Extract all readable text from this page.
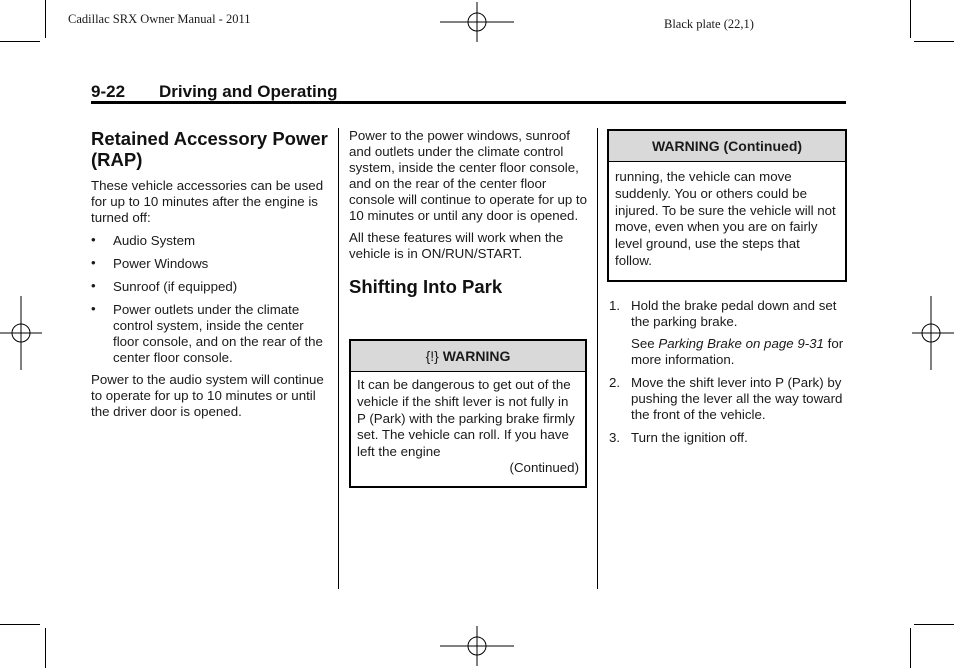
Cadillac SRX Owner Manual - 2011	Black plate (22,1)
9-22 Driving and Operating
Retained Accessory Power (RAP)

These vehicle accessories can be used for up to 10 minutes after the engine is turned off:

• Audio System
• Power Windows
• Sunroof (if equipped)
• Power outlets under the climate control system, inside the center floor console, and on the rear of the center floor console.

Power to the audio system will continue to operate for up to 10 minutes or until the driver door is opened.

Power to the power windows, sunroof and outlets under the climate control system, inside the center floor console, and on the rear of the center floor console will continue to operate for up to 10 minutes or until any door is opened.

All these features will work when the vehicle is in ON/RUN/START.

Shifting Into Park
{!} WARNING
It can be dangerous to get out of the vehicle if the shift lever is not fully in P (Park) with the parking brake firmly set. The vehicle can roll. If you have left the engine
(Continued)
WARNING (Continued)
running, the vehicle can move suddenly. You or others could be injured. To be sure the vehicle will not move, even when you are on fairly level ground, use the steps that follow.
1. Hold the brake pedal down and set the parking brake.
See Parking Brake on page 9-31 for more information.
2. Move the shift lever into P (Park) by pushing the lever all the way toward the front of the vehicle.
3. Turn the ignition off.
